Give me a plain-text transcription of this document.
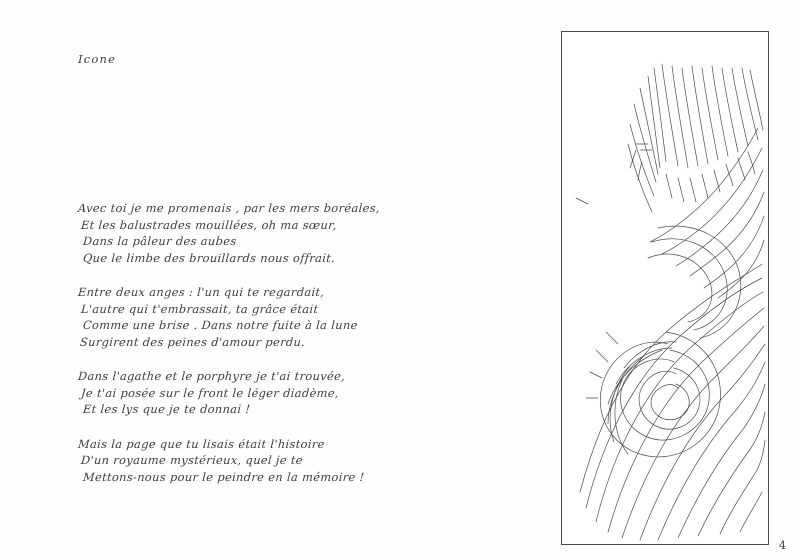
Icone
Avec toi je me promenais , par les mers boréales,
Et les balustrades mouillées, oh ma sœur,
Dans la pâleur des aubes
Que le limbe des brouillards nous offrait.
Entre deux anges : l'un qui te regardait,
L'autre qui t'embrassait, ta grâce était
Comme une brise . Dans notre fuite à la lune
Surgirent des peines d'amour perdu.
Dans l'agathe et le porphyre je t'ai trouvée,
Je t'ai posée sur le front le léger diadème,
Et les lys que je te donnai !
Mais la page que tu lisais était l'histoire
D'un royaume mystérieux, quel je te
Mettons-nous pour le peindre en la mémoire !
4
